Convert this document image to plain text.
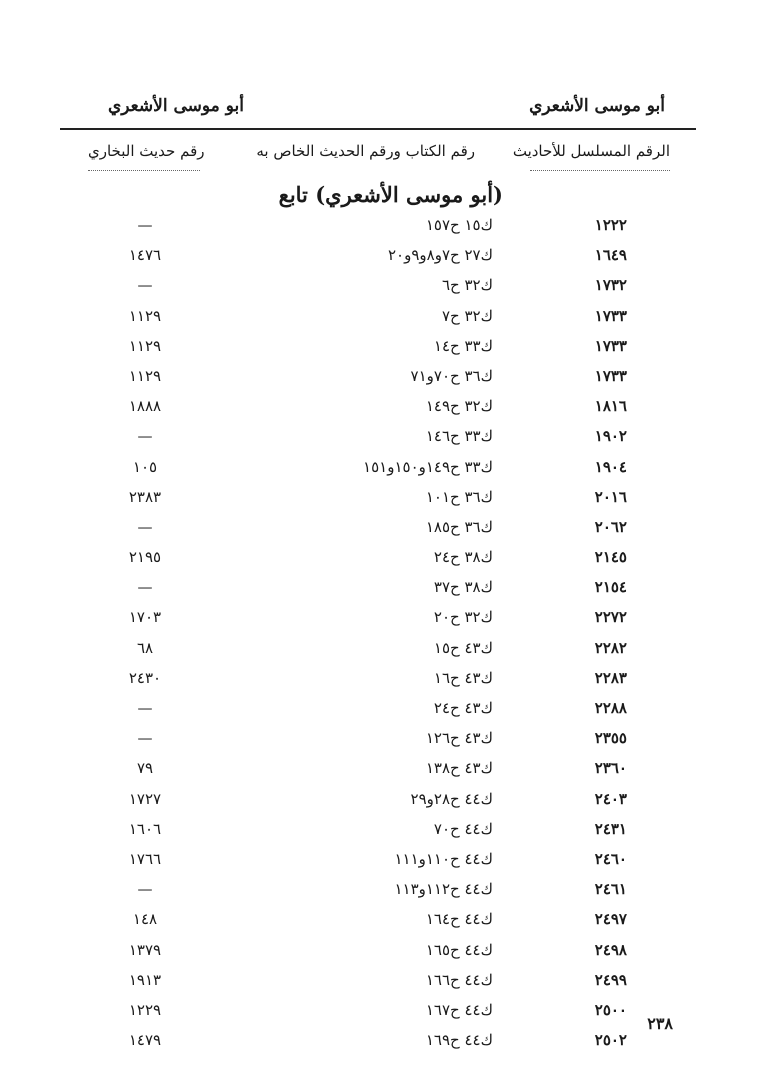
أبو موسى الأشعري
أبو موسى الأشعري
الرقم المسلسل للأحاديث
رقم الكتاب ورقم الحديث الخاص به
رقم حديث البخاري
(أبو موسى الأشعري) تابع
١٢٢٢
ك١٥ ح١٥٧
—
١٦٤٩
ك٢٧ ح٧و٨و٩و٢٠
١٤٧٦
١٧٣٢
ك٣٢ ح٦
—
١٧٣٣
ك٣٢ ح٧
١١٢٩
١٧٣٣
ك٣٣ ح١٤
١١٢٩
١٧٣٣
ك٣٦ ح٧٠و٧١
١١٢٩
١٨١٦
ك٣٢ ح١٤٩
١٨٨٨
١٩٠٢
ك٣٣ ح١٤٦
—
١٩٠٤
ك٣٣ ح١٤٩و١٥٠و١٥١
١٠٥
٢٠١٦
ك٣٦ ح١٠١
٢٣٨٣
٢٠٦٢
ك٣٦ ح١٨٥
—
٢١٤٥
ك٣٨ ح٢٤
٢١٩٥
٢١٥٤
ك٣٨ ح٣٧
—
٢٢٧٢
ك٣٢ ح٢٠
١٧٠٣
٢٢٨٢
ك٤٣ ح١٥
٦٨
٢٢٨٣
ك٤٣ ح١٦
٢٤٣٠
٢٢٨٨
ك٤٣ ح٢٤
—
٢٣٥٥
ك٤٣ ح١٢٦
—
٢٣٦٠
ك٤٣ ح١٣٨
٧٩
٢٤٠٣
ك٤٤ ح٢٨و٢٩
١٧٢٧
٢٤٣١
ك٤٤ ح٧٠
١٦٠٦
٢٤٦٠
ك٤٤ ح١١٠و١١١
١٧٦٦
٢٤٦١
ك٤٤ ح١١٢و١١٣
—
٢٤٩٧
ك٤٤ ح١٦٤
١٤٨
٢٤٩٨
ك٤٤ ح١٦٥
١٣٧٩
٢٤٩٩
ك٤٤ ح١٦٦
١٩١٣
٢٥٠٠
ك٤٤ ح١٦٧
١٢٢٩
٢٥٠٢
ك٤٤ ح١٦٩
١٤٧٩
٢٣٨
